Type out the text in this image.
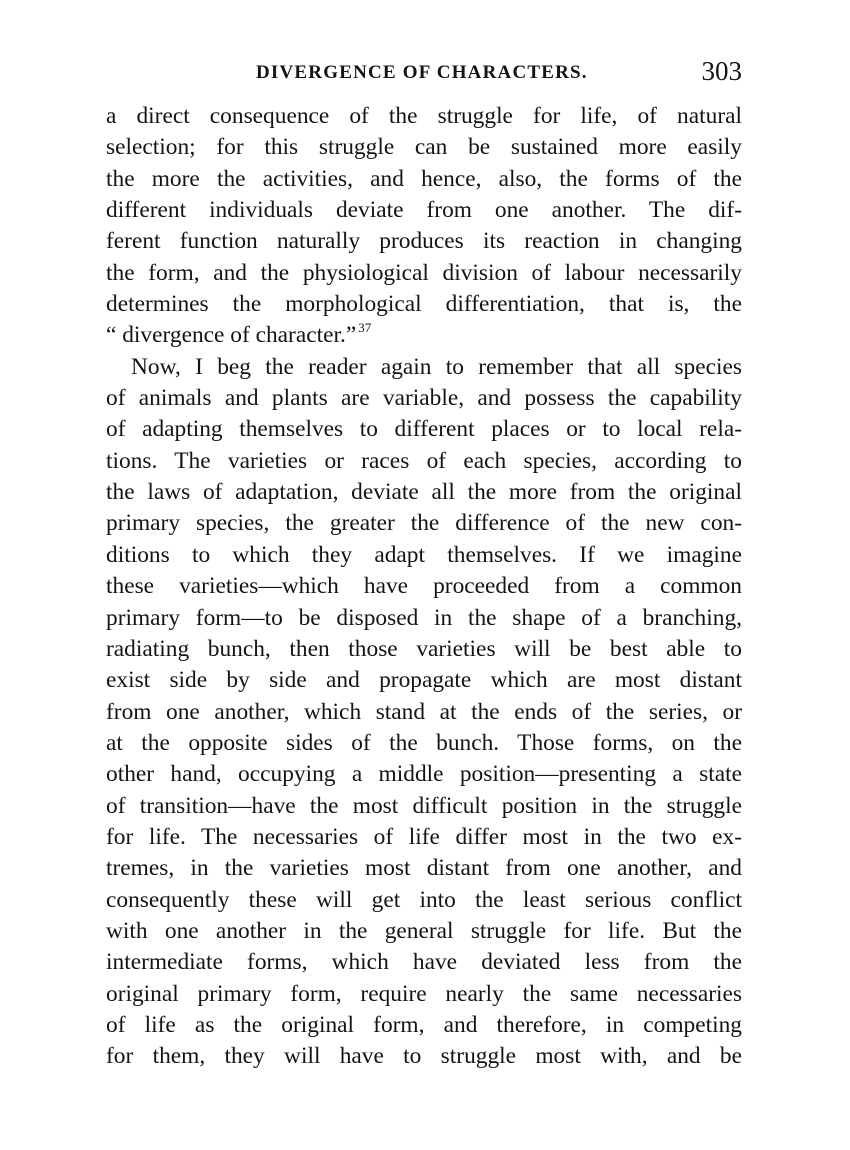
DIVERGENCE OF CHARACTERS.	303
a direct consequence of the struggle for life, of natural
selection; for this struggle can be sustained more easily
the more the activities, and hence, also, the forms of the
different individuals deviate from one another. The dif-
ferent function naturally produces its reaction in changing
the form, and the physiological division of labour necessarily
determines the morphological differentiation, that is, the
“ divergence of character.” $^{37}$
Now, I beg the reader again to remember that all species
of animals and plants are variable, and possess the capability
of adapting themselves to different places or to local rela-
tions. The varieties or races of each species, according to
the laws of adaptation, deviate all the more from the original
primary species, the greater the difference of the new con-
ditions to which they adapt themselves. If we imagine
these varieties—which have proceeded from a common
primary form—to be disposed in the shape of a branching,
radiating bunch, then those varieties will be best able to
exist side by side and propagate which are most distant
from one another, which stand at the ends of the series, or
at the opposite sides of the bunch. Those forms, on the
other hand, occupying a middle position—presenting a state
of transition—have the most difficult position in the struggle
for life. The necessaries of life differ most in the two ex-
tremes, in the varieties most distant from one another, and
consequently these will get into the least serious conflict
with one another in the general struggle for life. But the
intermediate forms, which have deviated less from the
original primary form, require nearly the same necessaries
of life as the original form, and therefore, in competing
for them, they will have to struggle most with, and be
